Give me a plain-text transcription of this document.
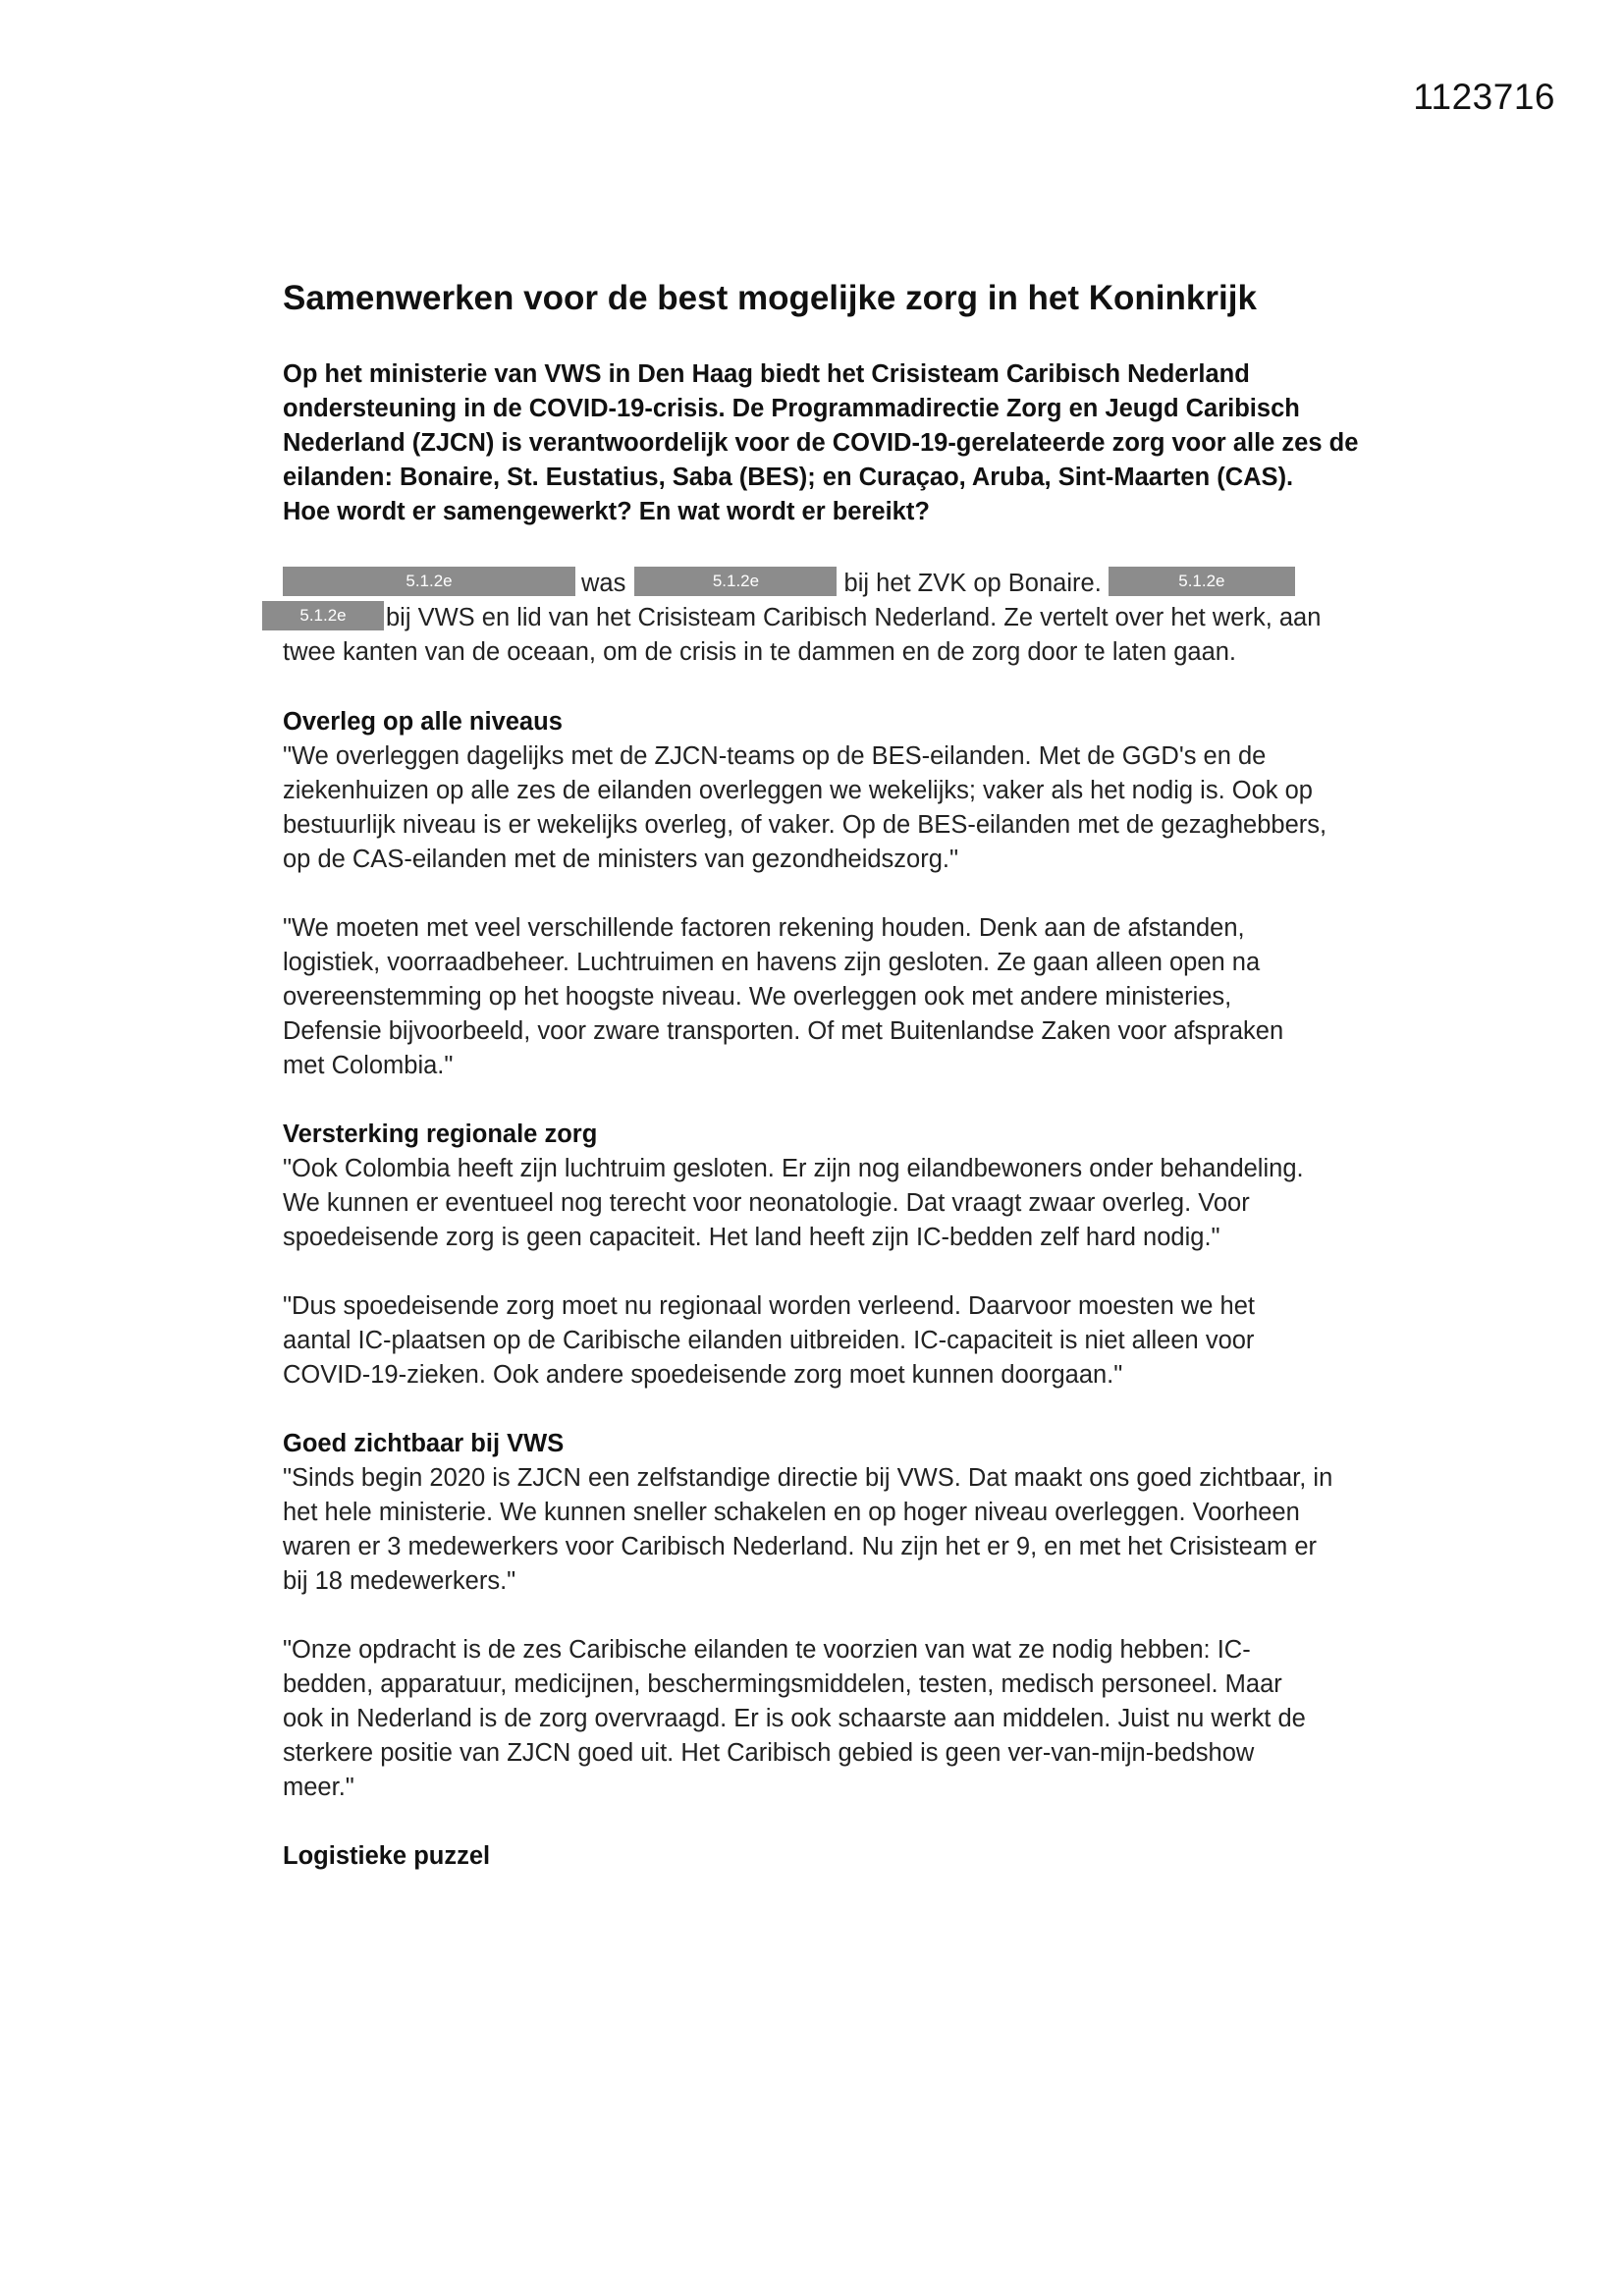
1123716
Samenwerken voor de best mogelijke zorg in het Koninkrijk
Op het ministerie van VWS in Den Haag biedt het Crisisteam Caribisch Nederland
ondersteuning in de COVID-19-crisis. De Programmadirectie Zorg en Jeugd Caribisch
Nederland (ZJCN) is verantwoordelijk voor de COVID-19-gerelateerde zorg voor alle zes de
eilanden: Bonaire, St. Eustatius, Saba (BES); en Curaçao, Aruba, Sint-Maarten (CAS).
Hoe wordt er samengewerkt? En wat wordt er bereikt?
5.1.2e	was	5.1.2e	bij het ZVK op Bonaire.	5.1.2e
5.1.2e bij VWS en lid van het Crisisteam Caribisch Nederland. Ze vertelt over het werk, aan
twee kanten van de oceaan, om de crisis in te dammen en de zorg door te laten gaan.
Overleg op alle niveaus
"We overleggen dagelijks met de ZJCN-teams op de BES-eilanden. Met de GGD's en de
ziekenhuizen op alle zes de eilanden overleggen we wekelijks; vaker als het nodig is. Ook op
bestuurlijk niveau is er wekelijks overleg, of vaker. Op de BES-eilanden met de gezaghebbers,
op de CAS-eilanden met de ministers van gezondheidszorg."
"We moeten met veel verschillende factoren rekening houden. Denk aan de afstanden,
logistiek, voorraadbeheer. Luchtruimen en havens zijn gesloten. Ze gaan alleen open na
overeenstemming op het hoogste niveau. We overleggen ook met andere ministeries,
Defensie bijvoorbeeld, voor zware transporten. Of met Buitenlandse Zaken voor afspraken
met Colombia."
Versterking regionale zorg
"Ook Colombia heeft zijn luchtruim gesloten. Er zijn nog eilandbewoners onder behandeling.
We kunnen er eventueel nog terecht voor neonatologie. Dat vraagt zwaar overleg. Voor
spoedeisende zorg is geen capaciteit. Het land heeft zijn IC-bedden zelf hard nodig."
"Dus spoedeisende zorg moet nu regionaal worden verleend. Daarvoor moesten we het
aantal IC-plaatsen op de Caribische eilanden uitbreiden. IC-capaciteit is niet alleen voor
COVID-19-zieken. Ook andere spoedeisende zorg moet kunnen doorgaan."
Goed zichtbaar bij VWS
"Sinds begin 2020 is ZJCN een zelfstandige directie bij VWS. Dat maakt ons goed zichtbaar, in
het hele ministerie. We kunnen sneller schakelen en op hoger niveau overleggen. Voorheen
waren er 3 medewerkers voor Caribisch Nederland. Nu zijn het er 9, en met het Crisisteam er
bij 18 medewerkers."
"Onze opdracht is de zes Caribische eilanden te voorzien van wat ze nodig hebben: IC-
bedden, apparatuur, medicijnen, beschermingsmiddelen, testen, medisch personeel. Maar
ook in Nederland is de zorg overvraagd. Er is ook schaarste aan middelen. Juist nu werkt de
sterkere positie van ZJCN goed uit. Het Caribisch gebied is geen ver-van-mijn-bedshow
meer."
Logistieke puzzel
